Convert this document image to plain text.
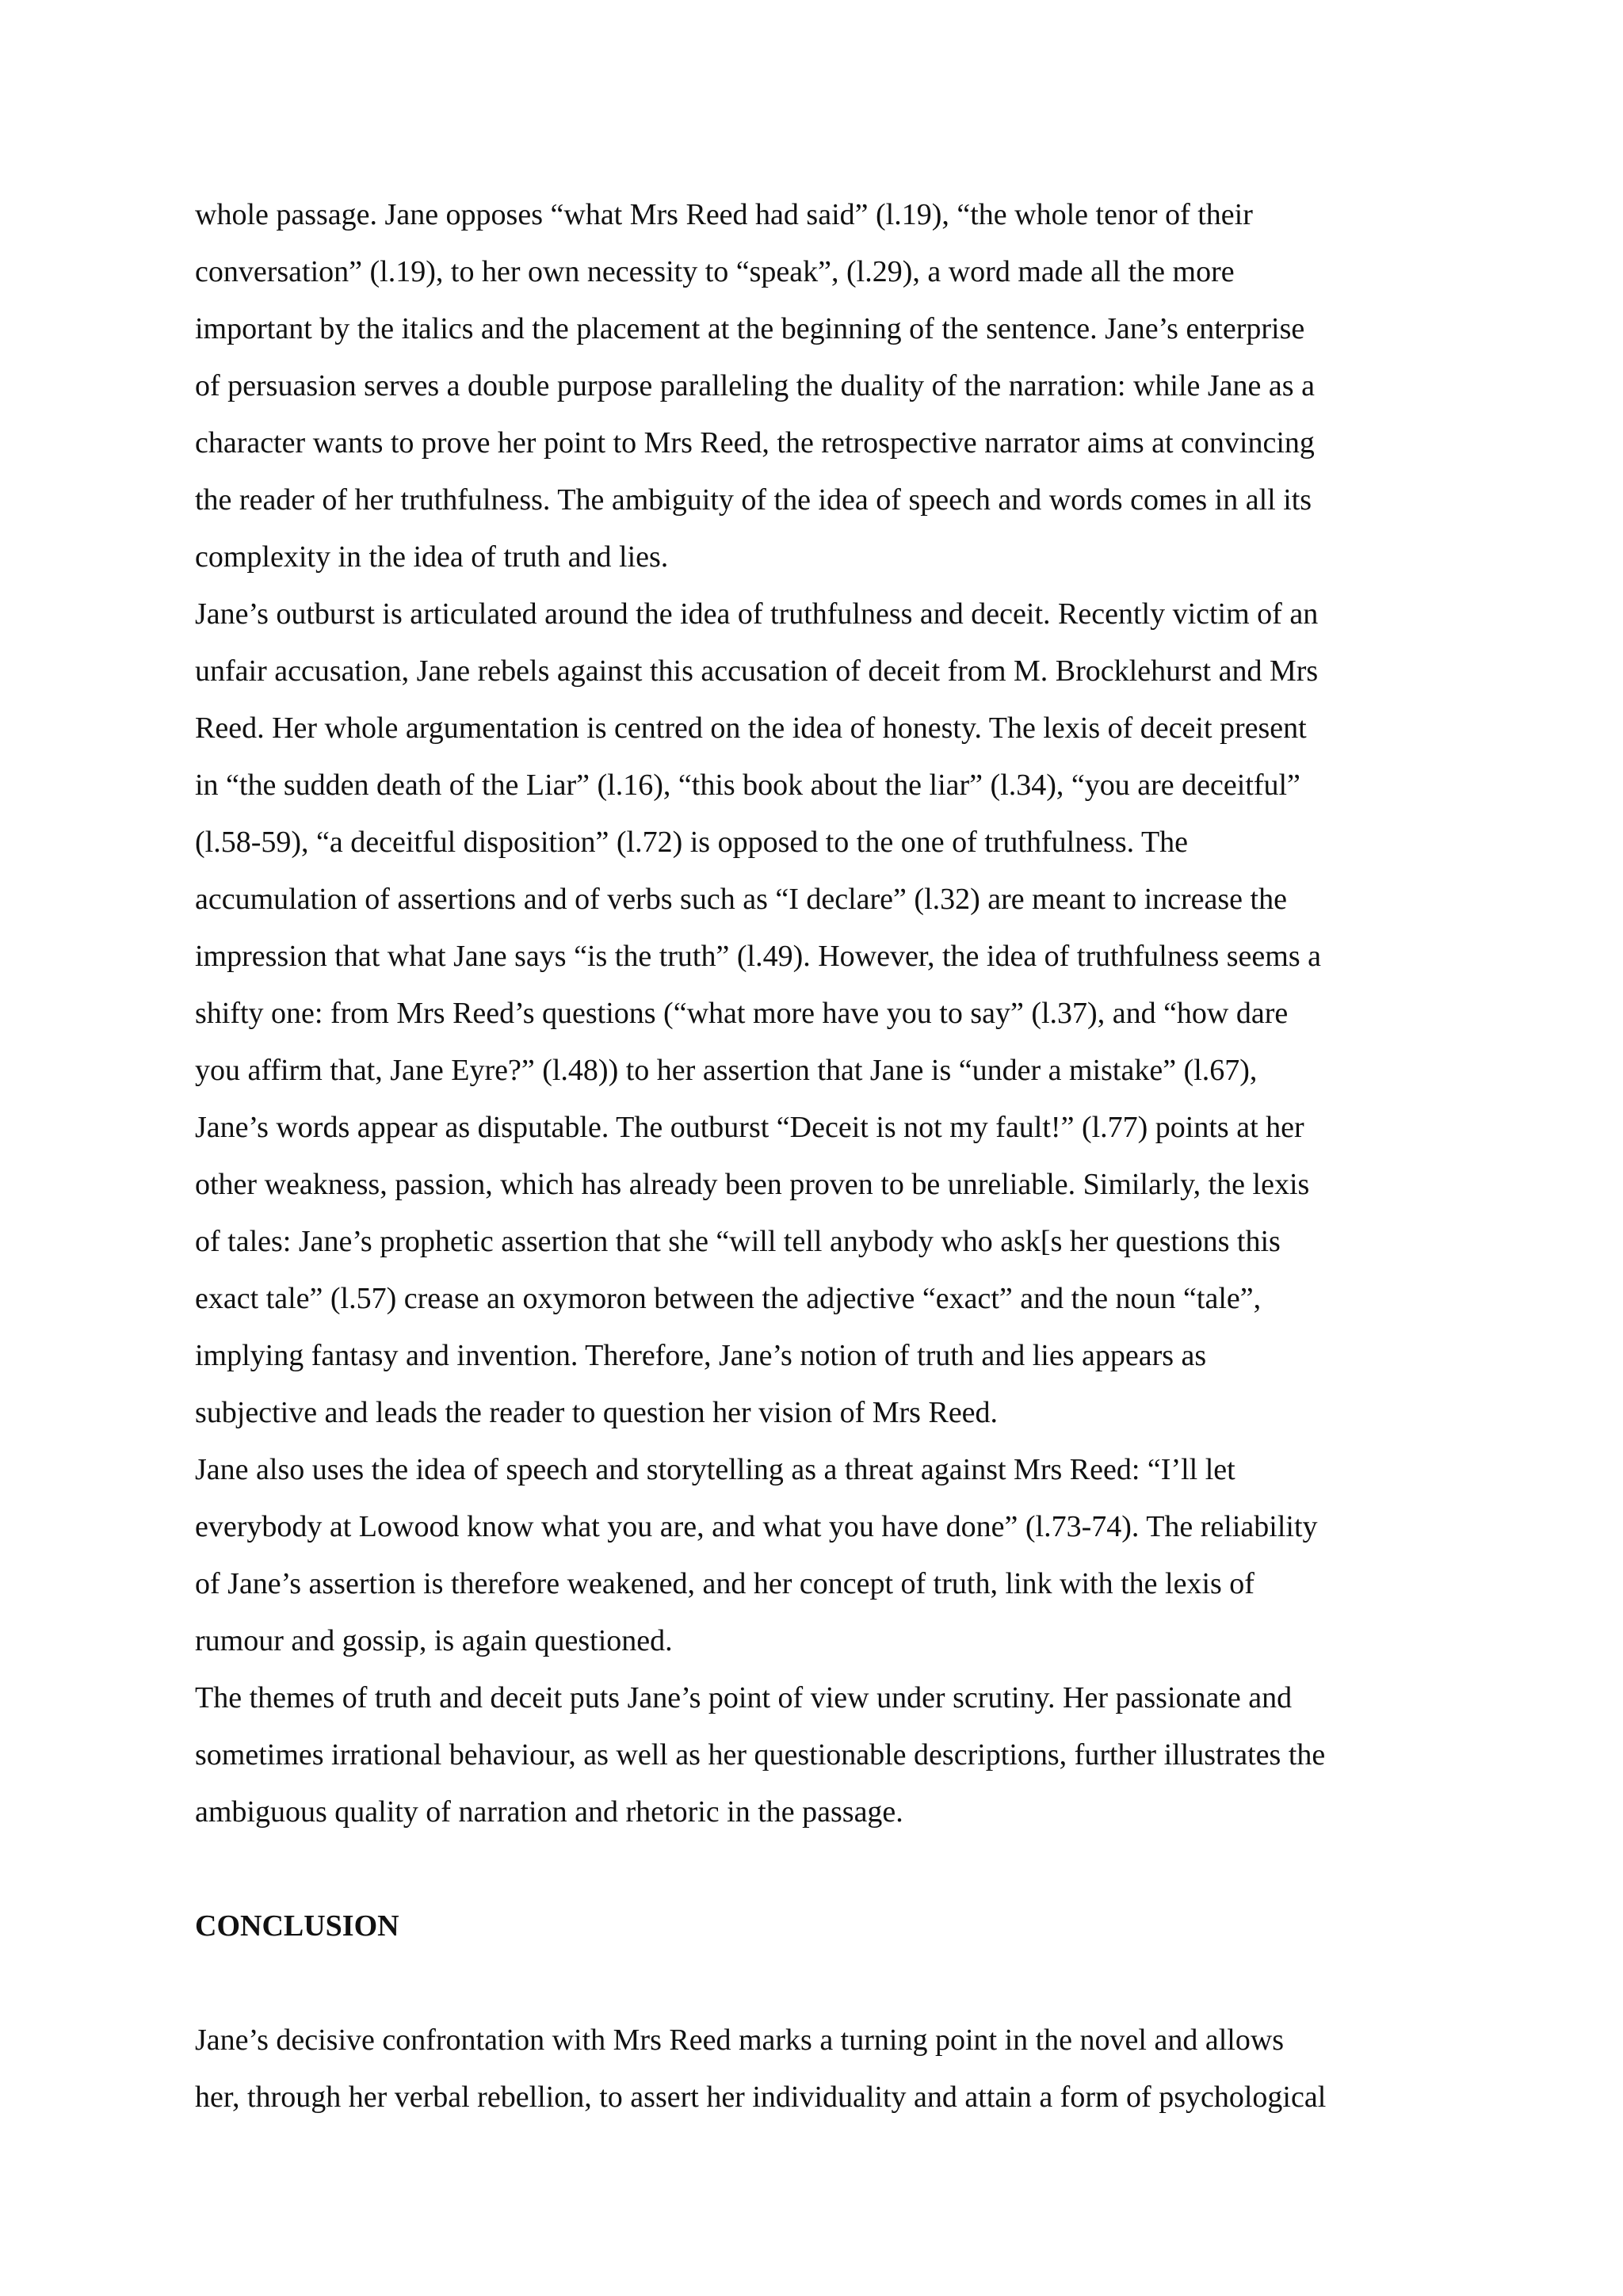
whole passage. Jane opposes “what Mrs Reed had said” (l.19), “the whole tenor of their
conversation” (l.19), to her own necessity to “speak”, (l.29), a word made all the more
important by the italics and the placement at the beginning of the sentence. Jane’s enterprise
of persuasion serves a double purpose paralleling the duality of the narration: while Jane as a
character wants to prove her point to Mrs Reed, the retrospective narrator aims at convincing
the reader of her truthfulness. The ambiguity of the idea of speech and words comes in all its
complexity in the idea of truth and lies.
Jane’s outburst is articulated around the idea of truthfulness and deceit. Recently victim of an
unfair accusation, Jane rebels against this accusation of deceit from M. Brocklehurst and Mrs
Reed. Her whole argumentation is centred on the idea of honesty. The lexis of deceit present
in “the sudden death of the Liar” (l.16), “this book about the liar” (l.34), “you are deceitful”
(l.58-59), “a deceitful disposition” (l.72) is opposed to the one of truthfulness. The
accumulation of assertions and of verbs such as “I declare” (l.32) are meant to increase the
impression that what Jane says “is the truth” (l.49). However, the idea of truthfulness seems a
shifty one: from Mrs Reed’s questions (“what more have you to say” (l.37), and “how dare
you affirm that, Jane Eyre?” (l.48)) to her assertion that Jane is “under a mistake” (l.67),
Jane’s words appear as disputable. The outburst “Deceit is not my fault!” (l.77) points at her
other weakness, passion, which has already been proven to be unreliable. Similarly, the lexis
of tales: Jane’s prophetic assertion that she “will tell anybody who ask[s her questions this
exact tale” (l.57) crease an oxymoron between the adjective “exact” and the noun “tale”,
implying fantasy and invention. Therefore, Jane’s notion of truth and lies appears as
subjective and leads the reader to question her vision of Mrs Reed.
Jane also uses the idea of speech and storytelling as a threat against Mrs Reed: “I’ll let
everybody at Lowood know what you are, and what you have done” (l.73-74). The reliability
of Jane’s assertion is therefore weakened, and her concept of truth, link with the lexis of
rumour and gossip, is again questioned.
The themes of truth and deceit puts Jane’s point of view under scrutiny. Her passionate and
sometimes irrational behaviour, as well as her questionable descriptions, further illustrates the
ambiguous quality of narration and rhetoric in the passage.
CONCLUSION
Jane’s decisive confrontation with Mrs Reed marks a turning point in the novel and allows
her, through her verbal rebellion, to assert her individuality and attain a form of psychological
